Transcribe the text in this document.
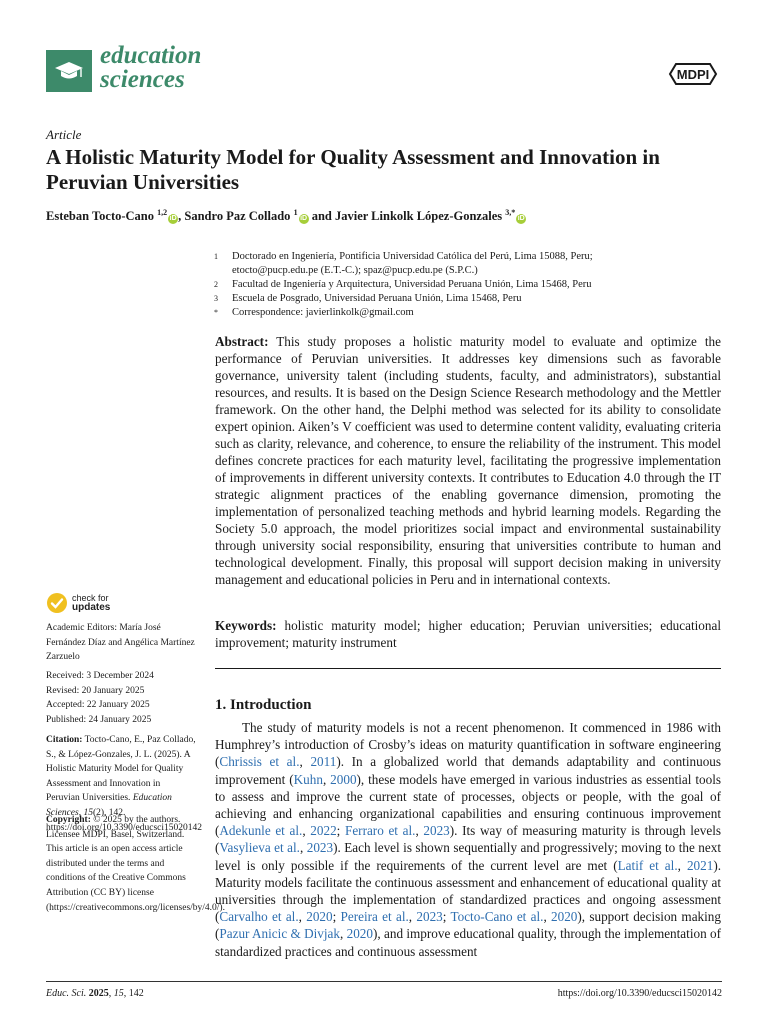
education
sciences	MDPI
Article
A Holistic Maturity Model for Quality Assessment and Innovation in Peruvian Universities
Esteban Tocto-Cano $^{1,2}$iD , Sandro Paz Collado $^1$iD and Javier Linkolk López-Gonzales $^{3,*}$iD
1	Doctorado en Ingeniería, Pontificia Universidad Católica del Perú, Lima 15088, Peru;
etocto@pucp.edu.pe (E.T.-C.); spaz@pucp.edu.pe (S.P.C.)
2	Facultad de Ingeniería y Arquitectura, Universidad Peruana Unión, Lima 15468, Peru
3	Escuela de Posgrado, Universidad Peruana Unión, Lima 15468, Peru
*	Correspondence: javierlinkolk@gmail.com
Abstract: This study proposes a holistic maturity model to evaluate and optimize the performance of Peruvian universities. It addresses key dimensions such as favorable governance, university talent (including students, faculty, and administrators), substantial resources, and results. It is based on the Design Science Research methodology and the Mettler framework. On the other hand, the Delphi method was selected for its ability to consolidate expert opinion. Aiken’s V coefficient was used to determine content validity, evaluating criteria such as clarity, relevance, and coherence, to ensure the reliability of the instrument. This model defines concrete practices for each maturity level, facilitating the progressive implementation of improvements in different university contexts. It contributes to Education 4.0 through the IT strategic alignment practices of the enabling governance dimension, promoting the implementation of personalized teaching methods and hybrid learning models. Regarding the Society 5.0 approach, the model prioritizes social impact and environmental sustainability through university social responsibility, ensuring that universities contribute to human and technological development. Finally, this proposal will support decision making in university management and educational policies in Peru and in international contexts.
Keywords: holistic maturity model; higher education; Peruvian universities; educational improvement; maturity instrument
1. Introduction
The study of maturity models is not a recent phenomenon. It commenced in 1986 with Humphrey’s introduction of Crosby’s ideas on maturity quantification in software engineering (Chrissis et al., 2011). In a globalized world that demands adaptability and continuous improvement (Kuhn, 2000), these models have emerged in various industries as essential tools to assess and improve the current state of processes, objects or people, with the goal of achieving and enhancing organizational capabilities and ensuring continuous improvement (Adekunle et al., 2022; Ferraro et al., 2023). Its way of measuring maturity is through levels (Vasylieva et al., 2023). Each level is shown sequentially and progressively; moving to the next level is only possible if the requirements of the current level are met (Latif et al., 2021). Maturity models facilitate the continuous assessment and enhancement of educational quality at universities through the implementation of standardized practices and ongoing assessment (Carvalho et al., 2020; Pereira et al., 2023; Tocto-Cano et al., 2020), support decision making (Pazur Anicic & Divjak, 2020), and improve educational quality, through the implementation of standardized practices and continuous assessment
check for
updates
Academic Editors: María José Fernández Díaz and Angélica Martínez Zarzuelo
Received: 3 December 2024
Revised: 20 January 2025
Accepted: 22 January 2025
Published: 24 January 2025
Citation: Tocto-Cano, E., Paz Collado, S., & López-Gonzales, J. L. (2025). A Holistic Maturity Model for Quality Assessment and Innovation in Peruvian Universities. Education Sciences, 15(2), 142. https://doi.org/10.3390/educsci15020142
Copyright: © 2025 by the authors. Licensee MDPI, Basel, Switzerland. This article is an open access article distributed under the terms and conditions of the Creative Commons Attribution (CC BY) license (https://creativecommons.org/licenses/by/4.0/).
Educ. Sci. 2025, 15, 142	https://doi.org/10.3390/educsci15020142
